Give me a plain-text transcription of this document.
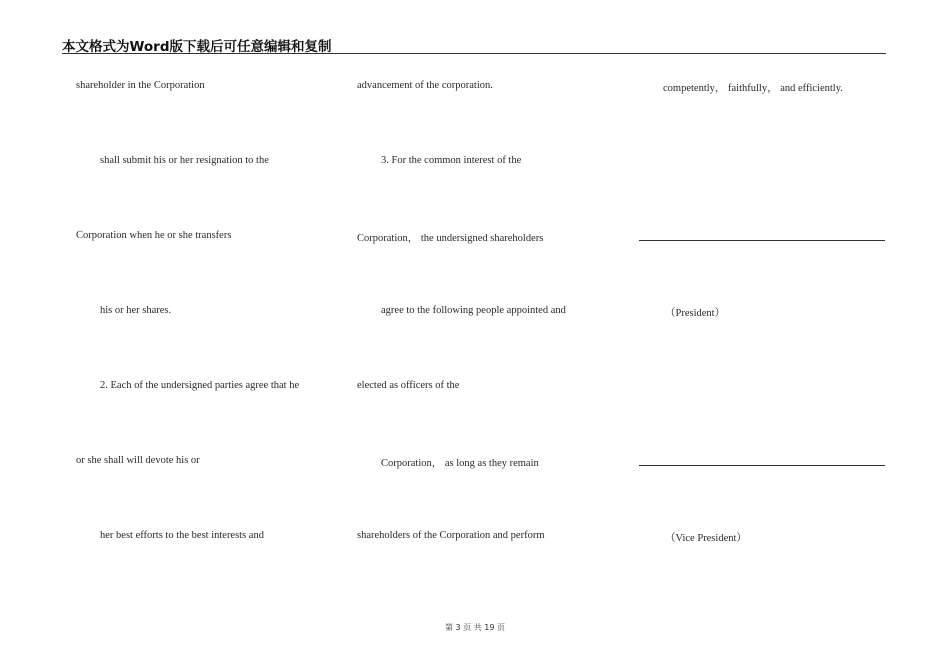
本文格式为Word版下载后可任意编辑和复制
shareholder in the Corporation
shall submit his or her resignation to the
Corporation when he or she transfers
his or her shares.
2. Each of the undersigned parties agree that he
or she shall will devote his or
her best efforts to the best interests and
advancement of the corporation.
3. For the common interest of the
Corporation， the undersigned shareholders
agree to the following people appointed and
elected as officers of the
Corporation， as long as they remain
shareholders of the Corporation and perform
competently， faithfully， and efficiently.
（President）
（Vice President）
第 3 页 共 19 页
